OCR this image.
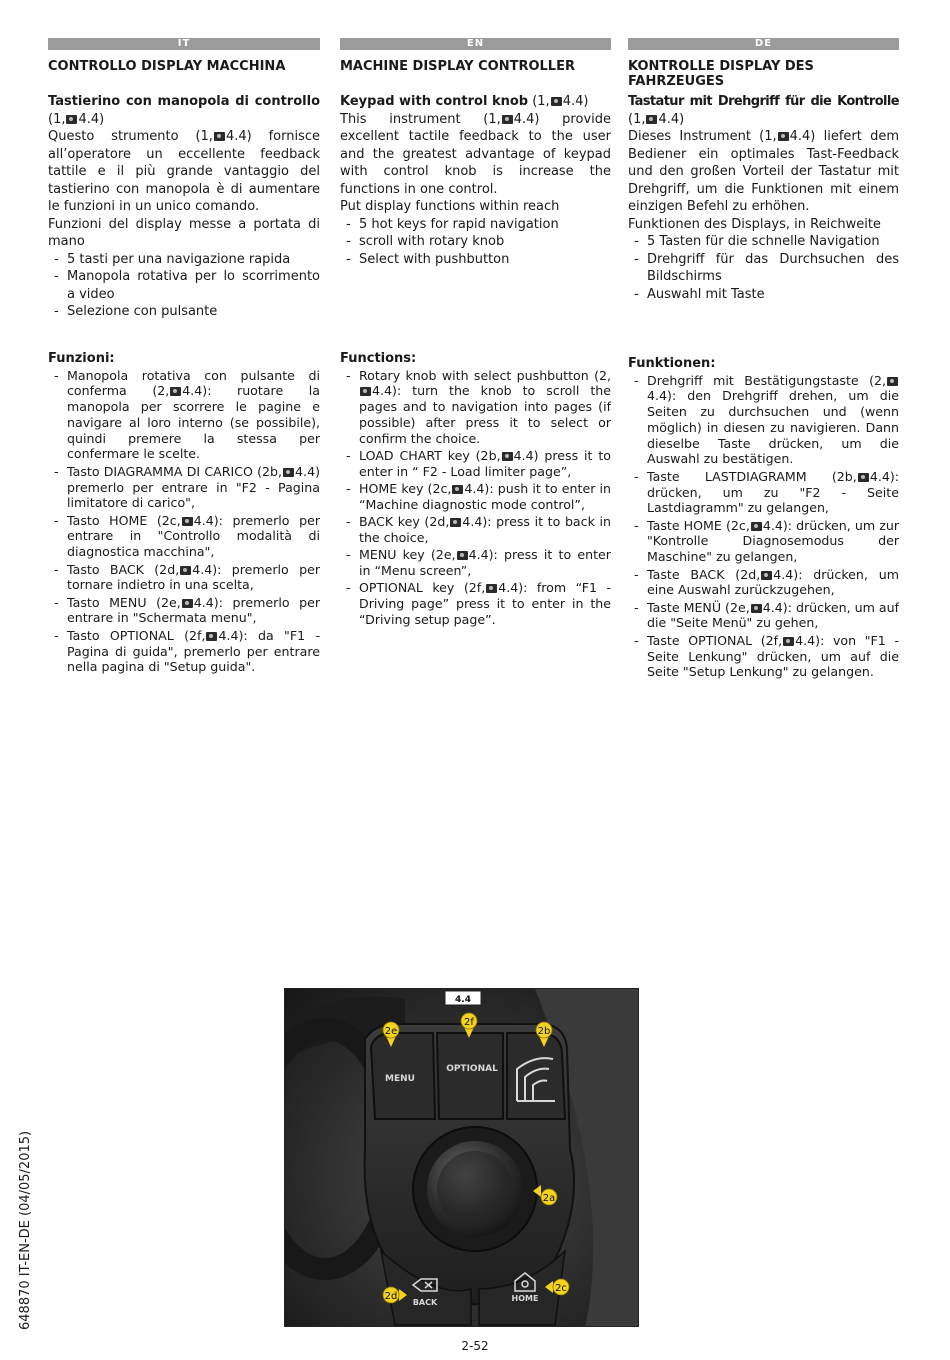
IT
CONTROLLO DISPLAY MACCHINA

Tastierino con manopola di controllo (1, 4.4)

Questo strumento (1, 4.4) fornisce all’operatore un eccellente feedback tattile e il più grande vantaggio del tastierino con manopola è di aumentare le funzioni in un unico comando.

Funzioni del display messe a portata di mano

- 5 tasti per una navigazione rapida
- Manopola rotativa per lo scorrimento a video
- Selezione con pulsante

Funzioni:

- Manopola rotativa con pulsante di conferma (2, 4.4): ruotare la manopola per scorrere le pagine e navigare al loro interno (se possibile), quindi premere la stessa per confermare le scelte.
- Tasto DIAGRAMMA DI CARICO (2b, 4.4) premerlo per entrare in "F2 - Pagina limitatore di carico",
- Tasto HOME (2c, 4.4): premerlo per entrare in "Controllo modalità di diagnostica macchina",
- Tasto BACK (2d, 4.4): premerlo per tornare indietro in una scelta,
- Tasto MENU (2e, 4.4): premerlo per entrare in "Schermata menu",
- Tasto OPTIONAL (2f, 4.4): da "F1 - Pagina di guida", premerlo per entrare nella pagina di "Setup guida".
EN
MACHINE DISPLAY CONTROLLER

Keypad with control knob (1, 4.4)

This instrument (1, 4.4) provide excellent tactile feedback to the user and the greatest advantage of keypad with control knob is increase the functions in one control.

Put display functions within reach

- 5 hot keys for rapid navigation
- scroll with rotary knob
- Select with pushbutton

Functions:

- Rotary knob with select pushbutton (2,4.4): turn the knob to scroll the pages and to navigation into pages (if possible) after press it to select or confirm the choice.
- LOAD CHART key (2b, 4.4) press it to enter in “ F2 - Load limiter page”,
- HOME key (2c, 4.4): push it to enter in “Machine diagnostic mode control”,
- BACK key (2d, 4.4): press it to back in the choice,
- MENU key (2e, 4.4): press it to enter in “Menu screen”,
- OPTIONAL key (2f, 4.4): from “F1 - Driving page” press it to enter in the “Driving setup page”.
DE
KONTROLLE DISPLAY DES FAHRZEUGES

Tastatur mit Drehgriff für die Kontrolle (1, 4.4)

Dieses Instrument (1, 4.4) liefert dem Bediener ein optimales Tast-Feedback und den großen Vorteil der Tastatur mit Drehgriff, um die Funktionen mit einem einzigen Befehl zu erhöhen.

Funktionen des Displays, in Reichweite

- 5 Tasten für die schnelle Navigation
- Drehgriff für das Durchsuchen des Bildschirms
- Auswahl mit Taste

Funktionen:

- Drehgriff mit Bestätigungstaste (2,4.4): den Drehgriff drehen, um die Seiten zu durchsuchen und (wenn möglich) in diesen zu navigieren. Dann dieselbe Taste drücken, um die Auswahl zu bestätigen.
- Taste LASTDIAGRAMM (2b, 4.4): drücken, um zu "F2 - Seite Lastdiagramm" zu gelangen,
- Taste HOME (2c, 4.4): drücken, um zur "Kontrolle Diagnosemodus der Maschine" zu gelangen,
- Taste BACK (2d, 4.4): drücken, um eine Auswahl zurückzugehen,
- Taste MENÜ (2e, 4.4): drücken, um auf die "Seite Menü" zu gehen,
- Taste OPTIONAL (2f, 4.4): von "F1 - Seite Lenkung" drücken, um auf die Seite "Setup Lenkung" zu gelangen.
MENU
OPTIONAL
BACK	HOME
4.4
2e
2f
2b
2a
2d
2c
648870 IT-EN-DE (04/05/2015)
2-52
